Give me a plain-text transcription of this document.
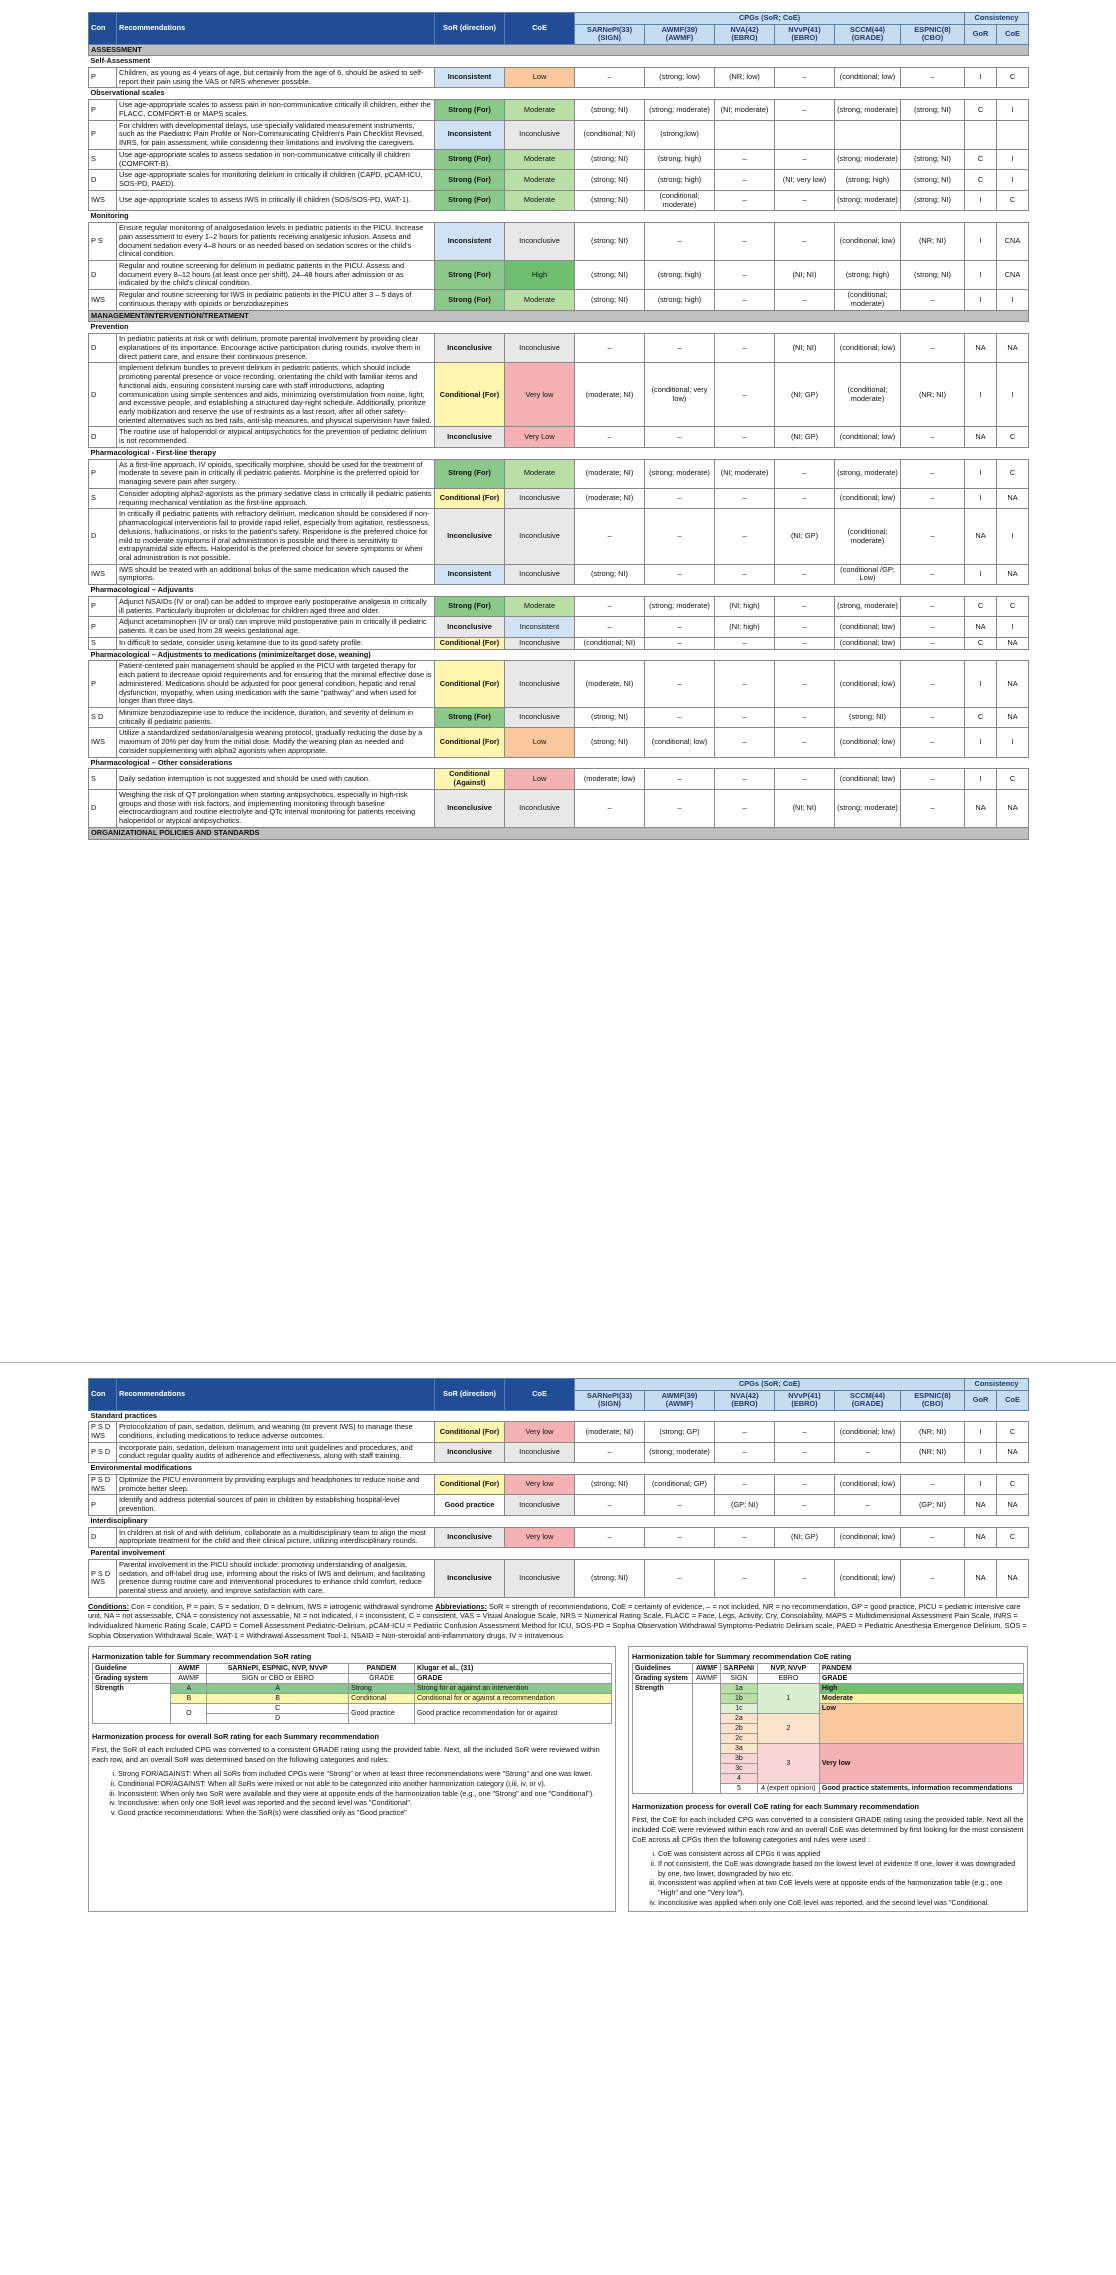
Con	Recommendations	SoR (direction)	CoE	CPGs (SoR; CoE)						Consistency	
				SARNePI(33) (SIGN)	AWMF(39) (AWMF)	NVA(42) (EBRO)	NVvP(41) (EBRO)	SCCM(44) (GRADE)	ESPNIC(8) (CBO)	GoR	CoE
ASSESSMENT											
Self-Assessment											
P	Children, as young as 4 years of age, but certainly from the age of 6, should be asked to self-report their pain using the VAS or NRS whenever possible.	Inconsistent	Low	–	(strong; low)	(NR; low)	–	(conditional; low)	–	I	C
Observational scales											
P	Use age-appropriate scales to assess pain in non-communicative critically ill children, either the FLACC, COMFORT-B or MAPS scales.	Strong (For)	Moderate	(strong; NI)	(strong; moderate)	(NI; moderate)	–	(strong; moderate)	(strong; NI)	C	I
P	For children with developmental delays, use specially validated measurement instruments, such as the Paediatric Pain Profile or Non-Communicating Children's Pain Checklist Revised, INRS, for pain assessment, while considering their limitations and involving the caregivers.	Inconsistent	Inconclusive	(conditional; NI)	(strong;low)						
S	Use age-appropriate scales to assess sedation in non-communicative critically ill children (COMFORT-B).	Strong (For)	Moderate	(strong; NI)	(strong; high)	–	–	(strong; moderate)	(strong; NI)	C	I
D	Use age-appropriate scales for monitoring delirium in critically ill children (CAPD, pCAM-ICU, SOS-PD, PAED).	Strong (For)	Moderate	(strong; NI)	(strong; high)	–	(NI; very low)	(strong; high)	(strong; NI)	C	I
IWS	Use age-appropriate scales to assess IWS in critically ill children (SOS/SOS-PD, WAT-1).	Strong (For)	Moderate	(strong; NI)	(conditional; moderate)	–	–	(strong; moderate)	(strong; NI)	I	C
Monitoring											
P S	Ensure regular monitoring of analgosedation levels in pediatric patients in the PICU. Increase pain assessment to every 1–2 hours for patients receiving analgesic infusion. Assess and document sedation every 4–8 hours or as needed based on sedation scores or the child's clinical condition.	Inconsistent	Inconclusive	(strong; NI)	–	–	–	(conditional; low)	(NR; NI)	I	CNA
D	Regular and routine screening for delirium in pediatric patients in the PICU. Assess and document every 8–12 hours (at least once per shift), 24–48 hours after admission or as indicated by the child's clinical condition.	Strong (For)	High	(strong; NI)	(strong; high)	–	(NI; NI)	(strong; high)	(strong; NI)	I	CNA
IWS	Regular and routine screening for IWS in pediatric patients in the PICU after 3 – 5 days of continuous therapy with opioids or benzodiazepines	Strong (For)	Moderate	(strong; NI)	(strong; high)	–	–	(conditional; moderate)	–	I	I
MANAGEMENT/INTERVENTION/TREATMENT											
Prevention											
D	In pediatric patients at risk or with delirium, promote parental involvement by providing clear explanations of its importance. Encourage active participation during rounds, involve them in direct patient care, and ensure their continuous presence.	Inconclusive	Inconclusive	–	–	–	(NI; NI)	(conditional; low)	–	NA	NA
D	Implement delirium bundles to prevent delirium in pediatric patients, which should include promoting parental presence or voice recording, orientating the child with familiar items and functional aids, ensuring consistent nursing care with staff introductions, adapting communication using simple sentences and aids, minimizing overstimulation from noise, light, and excessive people, and establishing a structured day-night schedule. Additionally, prioritize early mobilization and reserve the use of restraints as a last resort, after all other safety-oriented alternatives such as bed rails, anti-slip measures, and physical supervision have failed.	Conditional (For)	Very low	(moderate; NI)	(conditional; very low)	–	(NI; GP)	(conditional; moderate)	(NR; NI)	I	I
D	The routine use of haloperidol or atypical antipsychotics for the prevention of pediatric delirium is not recommended.	Inconclusive	Very Low	–	–	–	(NI; GP)	(conditional; low)	–	NA	C
Pharmacological - First-line therapy											
P	As a first-line approach, IV opioids, specifically morphine, should be used for the treatment of moderate to severe pain in critically ill pediatric patients. Morphine is the preferred opioid for managing severe pain after surgery.	Strong (For)	Moderate	(moderate; NI)	(strong; moderate)	(NI; moderate)	–	(strong, moderate)	–	I	C
S	Consider adopting alpha2-agonists as the primary sedative class in critically ill pediatric patients requiring mechanical ventilation as the first-line approach.	Conditional (For)	Inconclusive	(moderate; NI)	–	–	–	(conditional; low)	–	I	NA
D	In critically ill pediatric patients with refractory delirium, medication should be considered if non-pharmacological interventions fail to provide rapid relief, especially from agitation, restlessness, delusions, hallucinations, or risks to the patient's safety. Risperidone is the preferred choice for mild to moderate symptoms if oral administration is possible and there is sensitivity to extrapyramidal side effects. Haloperidol is the preferred choice for severe symptoms or when oral administration is not possible.	Inconclusive	Inconclusive	–	–	–	(NI; GP)	(conditional; moderate)	–	NA	I
IWS	IWS should be treated with an additional bolus of the same medication which caused the symptoms.	Inconsistent	Inconclusive	(strong; NI)	–	–	–	(conditional /GP; Low)	–	I	NA
Pharmacological – Adjuvants											
P	Adjunct NSAIDs (IV or oral) can be added to improve early postoperative analgesia in critically ill patients. Particularly ibuprofen or diclofenac for children aged three and older.	Strong (For)	Moderate	–	(strong; moderate)	(NI; high)	–	(strong, moderate)	–	C	C
P	Adjunct acetaminophen (IV or oral) can improve mild postoperative pain in critically ill pediatric patients. It can be used from 28 weeks gestational age.	Inconclusive	Inconsistent	–	–	(NI; high)	–	(conditional; low)	–	NA	I
S	In difficult to sedate, consider using ketamine due to its good safety profile.	Conditional (For)	Inconclusive	(conditional; NI)	–	–	–	(conditional; low)	–	C	NA
Pharmacological – Adjustments to medications (minimize/target dose, weaning)											
P	Patient-centered pain management should be applied in the PICU with targeted therapy for each patient to decrease opioid requirements and for ensuring that the minimal effective dose is administered. Medications should be adjusted for poor general condition, hepatic and renal dysfunction, myopathy, when using medication with the same "pathway" and when used for longer than three days.	Conditional (For)	Inconclusive	(moderate, NI)	–	–	–	(conditional; low)	–	I	NA
S D	Minimize benzodiazepine use to reduce the incidence, duration, and severity of delirium in critically ill pediatric patients.	Strong (For)	Inconclusive	(strong; NI)	–	–	–	(strong; NI)	–	C	NA
IWS	Utilize a standardized sedation/analgesia weaning protocol, gradually reducing the dose by a maximum of 20% per day from the initial dose. Modify the weaning plan as needed and consider supplementing with alpha2 agonists when appropriate.	Conditional (For)	Low	(strong; NI)	(conditional; low)	–	–	(conditional; low)	–	I	I
Pharmacological – Other considerations											
S	Daily sedation interruption is not suggested and should be used with caution.	Conditional (Against)	Low	(moderate; low)	–	–	–	(conditional; low)	–	I	C
D	Weighing the risk of QT prolongation when starting antipsychotics, especially in high-risk groups and those with risk factors, and implementing monitoring through baseline electrocardiogram and routine electrolyte and QTc interval monitoring for patients receiving haloperidol or atypical antipsychotics.	Inconclusive	Inconclusive	–	–	–	(NI; NI)	(strong; moderate)	–	NA	NA
ORGANIZATIONAL POLICIES AND STANDARDS											
Con	Recommendations	SoR (direction)	CoE	CPGs (SoR; CoE)						Consistency	
				SARNePI(33) (SIGN)	AWMF(39) (AWMF)	NVA(42) (EBRO)	NVvP(41) (EBRO)	SCCM(44) (GRADE)	ESPNIC(8) (CBO)	GoR	CoE
Standard practices											
P S D IWS	Protocolization of pain, sedation, delirium, and weaning (to prevent IWS) to manage these conditions, including medications to reduce adverse outcomes.	Conditional (For)	Very low	(moderate; NI)	(strong; GP)	–	–	(conditional; low)	(NR; NI)	I	C
P S D	Incorporate pain, sedation, delirium management into unit guidelines and procedures, and conduct regular quality audits of adherence and effectiveness, along with staff training.	Inconclusive	Inconclusive	–	(strong; moderate)	–	–	–	(NR; NI)	I	NA
Environmental modifications											
P S D IWS	Optimize the PICU environment by providing earplugs and headphones to reduce noise and promote better sleep.	Conditional (For)	Very low	(strong; NI)	(conditional; GP)	–	–	(conditional; low)	–	I	C
P	Identify and address potential sources of pain in children by establishing hospital-level prevention.	Good practice	Inconclusive	–	–	(GP; NI)	–	–	(GP; NI)	NA	NA
Interdisciplinary											
D	In children at risk of and with delirium, collaborate as a multidisciplinary team to align the most appropriate treatment for the child and their clinical picture, utilizing interdisciplinary rounds.	Inconclusive	Very low	–	–	–	(NI; GP)	(conditional; low)	–	NA	C
Parental involvement											
P S D IWS	Parental involvement in the PICU should include: promoting understanding of analgesia, sedation, and off-label drug use, informing about the risks of IWS and delirium, and facilitating presence during routine care and interventional procedures to enhance child comfort, reduce parental stress and anxiety, and improve satisfaction with care.	Inconclusive	Inconclusive	(strong; NI)	–	–	–	(conditional; low)	–	NA	NA
Conditions: Con = condition, P = pain, S = sedation, D = delirium, IWS = iatrogenic withdrawal syndrome Abbreviations: SoR = strength of recommendations, CoE = certainty of evidence, – = not included, NR = no recommendation, GP = good practice, PICU = pediatric intensive care unit, NA = not assessable, CNA = consistency not assessable, NI = not indicated, I = inconsistent, C = consistent, VAS = Visual Analogue Scale, NRS = Numerical Rating Scale, FLACC = Face, Legs, Activity, Cry, Consolability, MAPS = Multidimensional Assessment Pain Scale, INRS = Individualized Numeric Rating Scale, CAPD = Cornell Assessment Pediatric-Delirium, pCAM-ICU = Pediatric Confusion Assessment Method for ICU, SOS-PD = Sophia Observation Withdrawal Symptoms-Pediatric Delirium scale, PAED = Pediatric Anesthesia Emergence Delirium, SOS = Sophia Observation Withdrawal Scale, WAT-1 = Withdrawal Assessment Tool-1, NSAID = Non-steroidal anti-inflammatory drugs, IV = intravenous
Harmonization table for Summary recommendation SoR rating
Guideline	AWMF	SARNePI, ESPNIC, NVP, NVvP	PANDEM	Klugar et al., (31)
Grading system	AWMF	SIGN or CBO or EBRO	GRADE	GRADE
Strength	A	A	Strong	Strong for or against an intervention
	B	B	Conditional	Conditional for or against a recommendation
	O	C	Good practice	Good practice recommendation for or against
		D		
Harmonization process for overall SoR rating for each Summary recommendation

First, the SoR of each included CPG was converted to a consistent GRADE rating using the provided table. Next, all the included SoR were reviewed within each row, and an overall SoR was determined based on the following categories and rules:

i. Strong FOR/AGAINST: When all SoRs from included CPGs were "Strong" or when at least three recommendations were "Strong" and one was lower.
ii. Conditional FOR/AGAINST: When all SoRs were mixed or not able to be categorized into another harmonization category (i,iii, iv, or v).
iii. Inconsistent: When only two SoR were available and they were at opposite ends of the harmonization table (e.g., one "Strong" and one "Conditional").
iv. Inconclusive: when only one SoR level was reported and the second level was "Conditional".
v. Good practice recommendations: When the SoR(s) were classified only as "Good practice"
Harmonization table for Summary recommendation CoE rating
Guidelines	AWMF	SARPeNI	NVP, NVvP	PANDEM
Grading system	AWMF	SIGN	EBRO	GRADE
Strength		1a	1	High
		1b		Moderate
		1c		Low
		2a	2	
		2b		
		2c		
		3a	3	Very low
		3b		
		3c		
		4		
		5	4 (expert opinion)	Good practice statements, information recommendations
Harmonization process for overall CoE rating for each Summary recommendation

First, the CoE for each included CPG was converted to a consistent GRADE rating using the provided table. Next all the included CoE were reviewed within each row and an overall CoE was determined by first looking for the most consistent CoE across all CPGs then the following categories and rules were used :

i. CoE was consistent across all CPGs it was applied
ii. If not consistent, the CoE was downgrade based on the lowest level of evidence If one, lower it was downgraded by one, two lower, downgraded by two etc.
iii. Inconsistent was applied when at two CoE levels were at opposite ends of the harmonization table (e.g., one "High" and one "Very low").
iv. Inconclusive was applied when only one CoE level was reported, and the second level was "Conditional.
